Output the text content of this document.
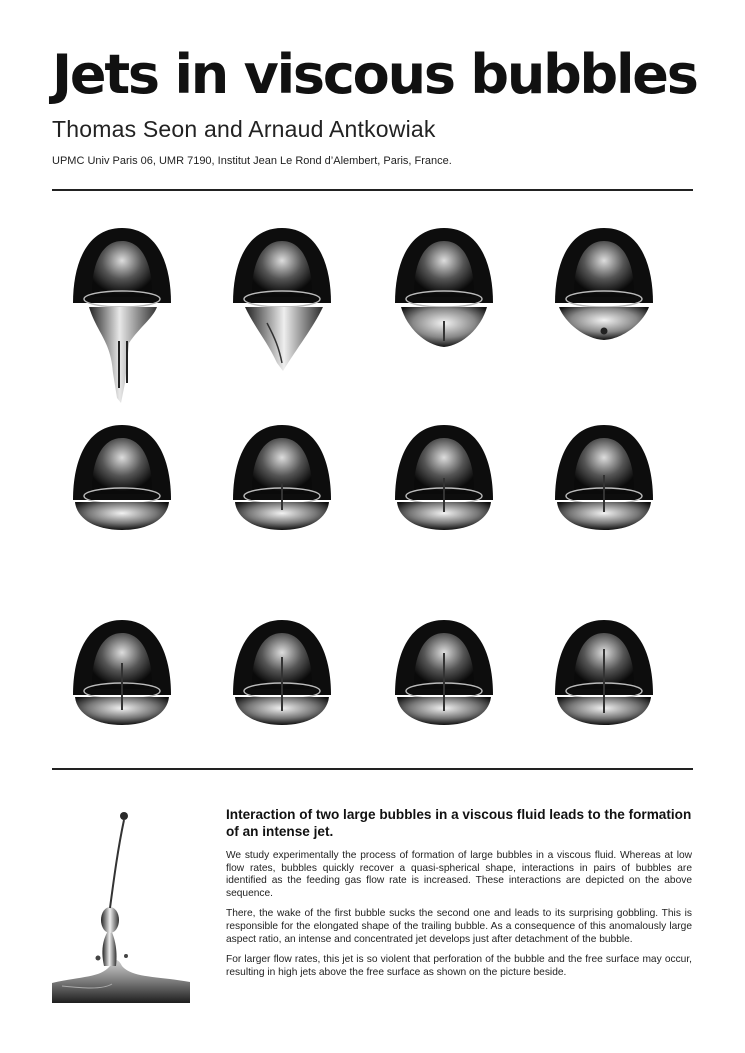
Jets in viscous bubbles

Thomas Seon and Arnaud Antkowiak

UPMC Univ Paris 06, UMR 7190, Institut Jean Le Rond d’Alembert, Paris, France.

Interaction of two large bubbles in a viscous fluid leads to the formation of an intense jet.

We study experimentally the process of formation of large bubbles in a viscous fluid. Whereas at low flow rates, bubbles quickly recover a quasi-spherical shape, interactions in pairs of bubbles are identified as the feeding gas flow rate is increased. These interactions are depicted on the above sequence.

There, the wake of the first bubble sucks the second one and leads to its surprising gobbling. This is responsible for the elongated shape of the trailing bubble. As a consequence of this anomalously large aspect ratio, an intense and concentrated jet develops just after detachment of the bubble.

For larger flow rates, this jet is so violent that perforation of the bubble and the free surface may occur, resulting in high jets above the free surface as shown on the picture beside.
